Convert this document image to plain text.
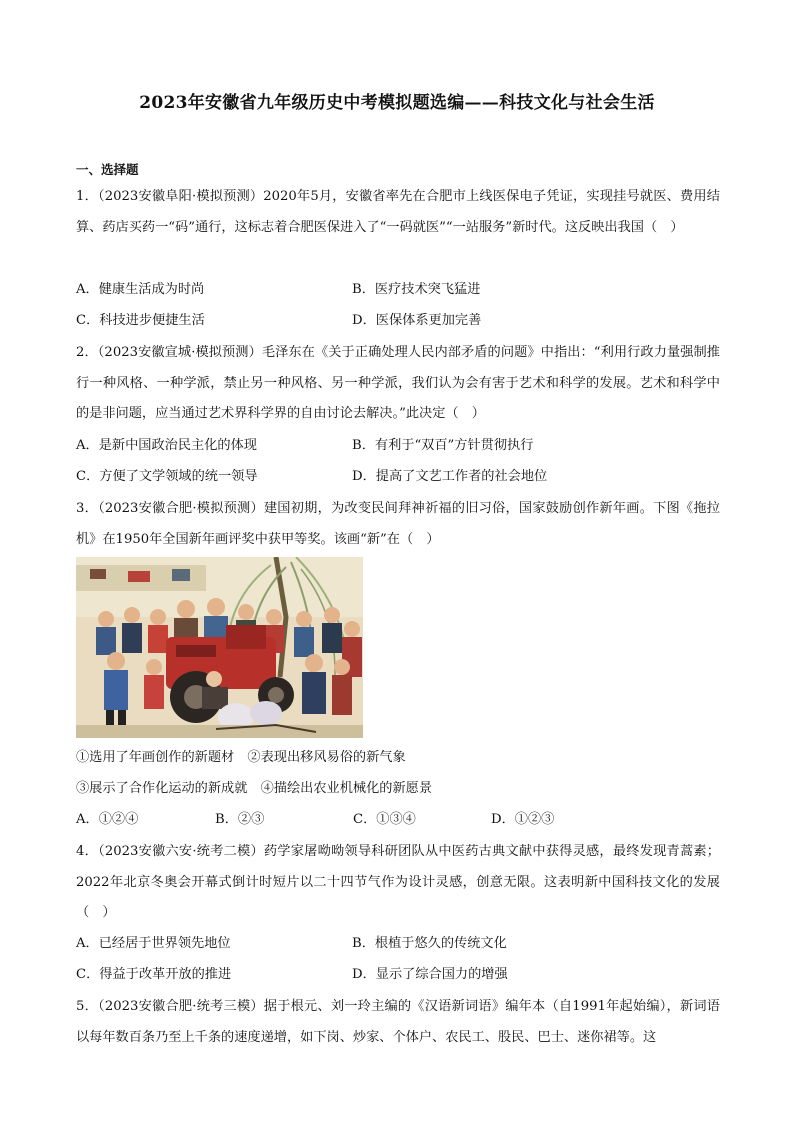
2023年安徽省九年级历史中考模拟题选编——科技文化与社会生活
一、选择题
1．（2023安徽阜阳·模拟预测）2020年5月，安徽省率先在合肥市上线医保电子凭证，实现挂号就医、费用结算、药店买药一“码”通行，这标志着合肥医保进入了“一码就医”“一站服务”新时代。这反映出我国（　）
A．健康生活成为时尚	B．医疗技术突飞猛进
C．科技进步便捷生活	D．医保体系更加完善
2．（2023安徽宣城·模拟预测）毛泽东在《关于正确处理人民内部矛盾的问题》中指出：“利用行政力量强制推行一种风格、一种学派，禁止另一种风格、另一种学派，我们认为会有害于艺术和科学的发展。艺术和科学中的是非问题，应当通过艺术界科学界的自由讨论去解决。”此决定（　）
A．是新中国政治民主化的体现	B．有利于“双百”方针贯彻执行
C．方便了文学领域的统一领导	D．提高了文艺工作者的社会地位
3．（2023安徽合肥·模拟预测）建国初期，为改变民间拜神祈福的旧习俗，国家鼓励创作新年画。下图《拖拉机》在1950年全国新年画评奖中获甲等奖。该画“新”在（　）
①选用了年画创作的新题材　②表现出移风易俗的新气象
③展示了合作化运动的新成就　④描绘出农业机械化的新愿景
A．①②④	B．②③	C．①③④	D．①②③
4．（2023安徽六安·统考二模）药学家屠呦呦领导科研团队从中医药古典文献中获得灵感，最终发现青蒿素；2022年北京冬奥会开幕式倒计时短片以二十四节气作为设计灵感，创意无限。这表明新中国科技文化的发展（　）
A．已经居于世界领先地位	B．根植于悠久的传统文化
C．得益于改革开放的推进	D．显示了综合国力的增强
5．（2023安徽合肥·统考三模）据于根元、刘一玲主编的《汉语新词语》编年本（自1991年起始编），新词语以每年数百条乃至上千条的速度递增，如下岗、炒家、个体户、农民工、股民、巴士、迷你裙等。这
